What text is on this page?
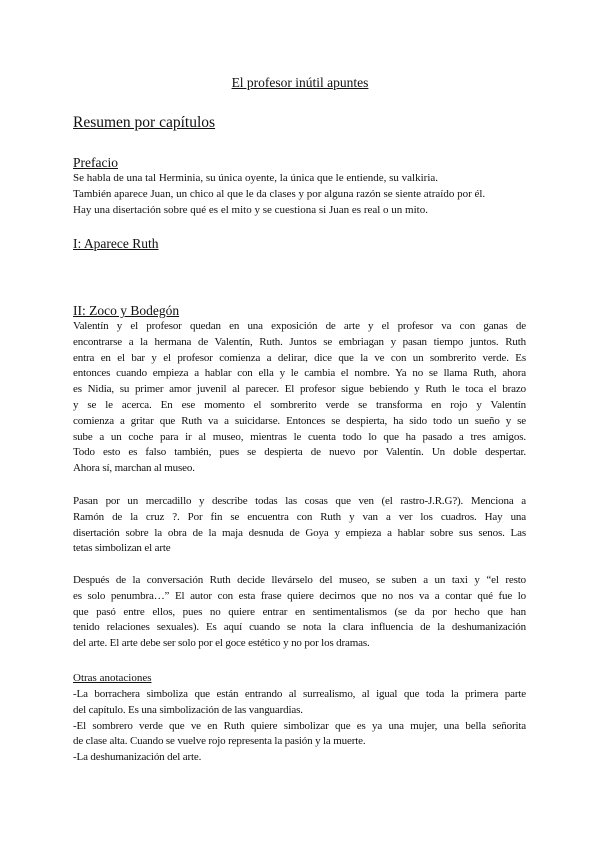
El profesor inútil apuntes
Resumen por capítulos
Prefacio
Se habla de una tal Herminia, su única oyente, la única que le entiende, su valkiria.
También aparece Juan, un chico al que le da clases y por alguna razón se siente atraído por él.
Hay una disertación sobre qué es el mito y se cuestiona si Juan es real o un mito.
I: Aparece Ruth
II: Zoco y Bodegón
Valentín y el profesor quedan en una exposición de arte y el profesor va con ganas de
encontrarse a la hermana de Valentín, Ruth. Juntos se embriagan y pasan tiempo juntos. Ruth
entra en el bar y el profesor comienza a delirar, dice que la ve con un sombrerito verde. Es
entonces cuando empieza a hablar con ella y le cambia el nombre. Ya no se llama Ruth, ahora
es Nidia, su primer amor juvenil al parecer. El profesor sigue bebiendo y Ruth le toca el brazo
y se le acerca. En ese momento el sombrerito verde se transforma en rojo y Valentín
comienza a gritar que Ruth va a suicidarse. Entonces se despierta, ha sido todo un sueño y se
sube a un coche para ir al museo, mientras le cuenta todo lo que ha pasado a tres amigos.
Todo esto es falso también, pues se despierta de nuevo por Valentín. Un doble despertar.
Ahora sí, marchan al museo.
Pasan por un mercadillo y describe todas las cosas que ven (el rastro-J.R.G?). Menciona a
Ramón de la cruz ?. Por fin se encuentra con Ruth y van a ver los cuadros. Hay una
disertación sobre la obra de la maja desnuda de Goya y empieza a hablar sobre sus senos. Las
tetas simbolizan el arte
Después de la conversación Ruth decide llevárselo del museo, se suben a un taxi y “el resto
es solo penumbra…” El autor con esta frase quiere decirnos que no nos va a contar qué fue lo
que pasó entre ellos, pues no quiere entrar en sentimentalismos (se da por hecho que han
tenido relaciones sexuales). Es aquí cuando se nota la clara influencia de la deshumanización
del arte. El arte debe ser solo por el goce estético y no por los dramas.
Otras anotaciones
-La borrachera simboliza que están entrando al surrealismo, al igual que toda la primera parte
del capítulo. Es una simbolización de las vanguardias.
-El sombrero verde que ve en Ruth quiere simbolizar que es ya una mujer, una bella señorita
de clase alta. Cuando se vuelve rojo representa la pasión y la muerte.
-La deshumanización del arte.
